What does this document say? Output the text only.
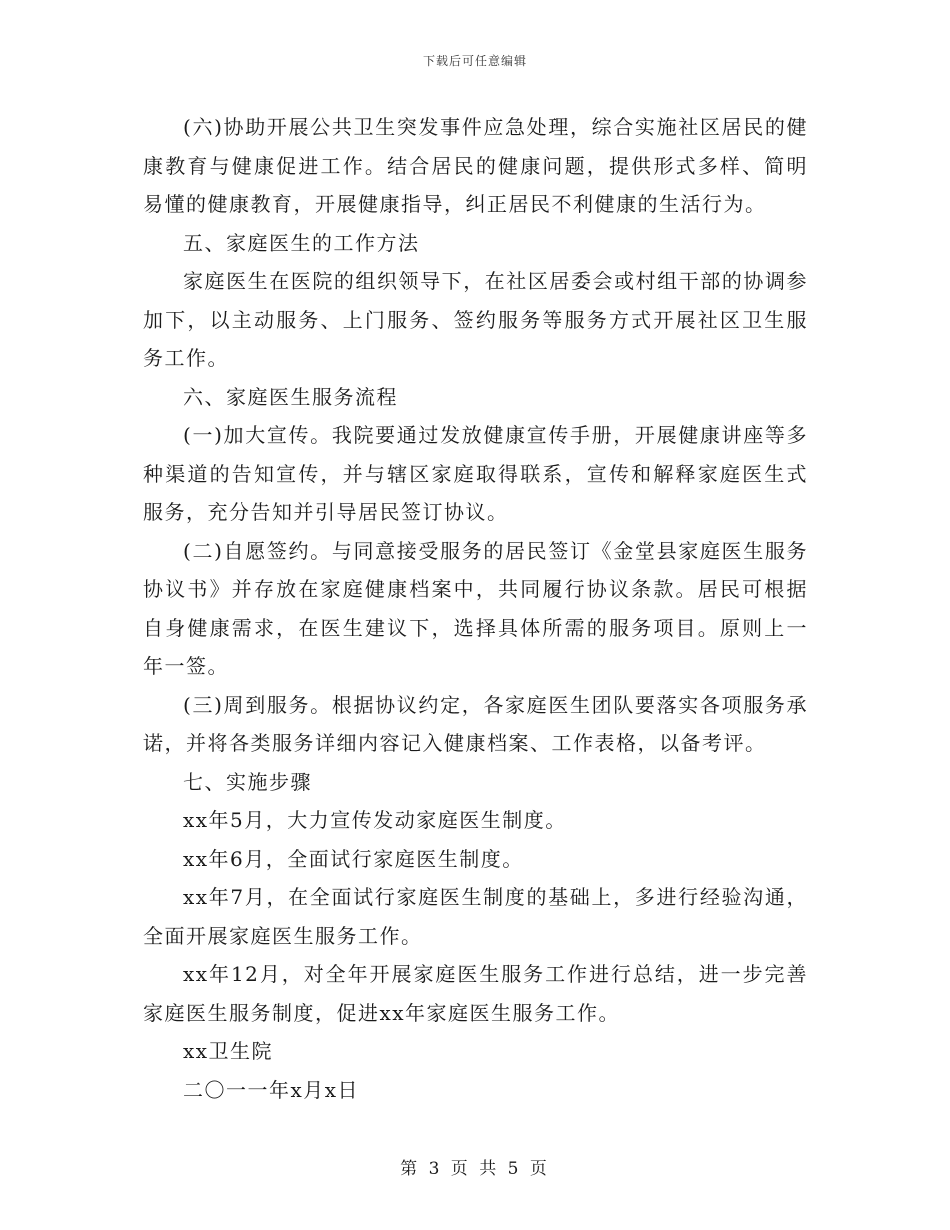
下载后可任意编辑

(六)协助开展公共卫生突发事件应急处理，综合实施社区居民的健康教育与健康促进工作。结合居民的健康问题，提供形式多样、简明易懂的健康教育，开展健康指导，纠正居民不利健康的生活行为。

五、家庭医生的工作方法

家庭医生在医院的组织领导下，在社区居委会或村组干部的协调参加下，以主动服务、上门服务、签约服务等服务方式开展社区卫生服务工作。

六、家庭医生服务流程

(一)加大宣传。我院要通过发放健康宣传手册，开展健康讲座等多种渠道的告知宣传，并与辖区家庭取得联系，宣传和解释家庭医生式服务，充分告知并引导居民签订协议。

(二)自愿签约。与同意接受服务的居民签订《金堂县家庭医生服务协议书》并存放在家庭健康档案中，共同履行协议条款。居民可根据自身健康需求，在医生建议下，选择具体所需的服务项目。原则上一年一签。

(三)周到服务。根据协议约定，各家庭医生团队要落实各项服务承诺，并将各类服务详细内容记入健康档案、工作表格，以备考评。

七、实施步骤

xx年5月，大力宣传发动家庭医生制度。

xx年6月，全面试行家庭医生制度。

xx年7月，在全面试行家庭医生制度的基础上，多进行经验沟通，全面开展家庭医生服务工作。

xx年12月，对全年开展家庭医生服务工作进行总结，进一步完善家庭医生服务制度，促进xx年家庭医生服务工作。

xx卫生院

二〇一一年x月x日

第 3 页 共 5 页
